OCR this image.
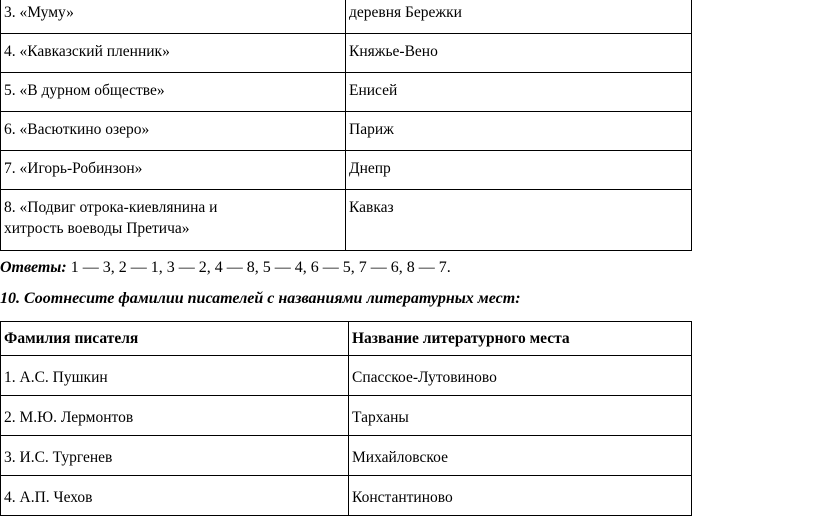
3. «Муму»	деревня Бережки

4. «Кавказский пленник»	Княжье-Вено

5. «В дурном обществе»	Енисей

6. «Васюткино озеро»	Париж

7. «Игорь-Робинзон»	Днепр

8. «Подвиг отрока-киевлянина и хитрость воеводы Претича»	Кавказ
Ответы: 1 — 3, 2 — 1, 3 — 2, 4 — 8, 5 — 4, 6 — 5, 7 — 6, 8 — 7.
10. Соотнесите фамилии писателей с названиями литературных мест:
Фамилия писателя	Название литературного места

1. А.С. Пушкин	Спасское-Лутовиново

2. М.Ю. Лермонтов	Тарханы

3. И.С. Тургенев	Михайловское

4. А.П. Чехов	Константиново
